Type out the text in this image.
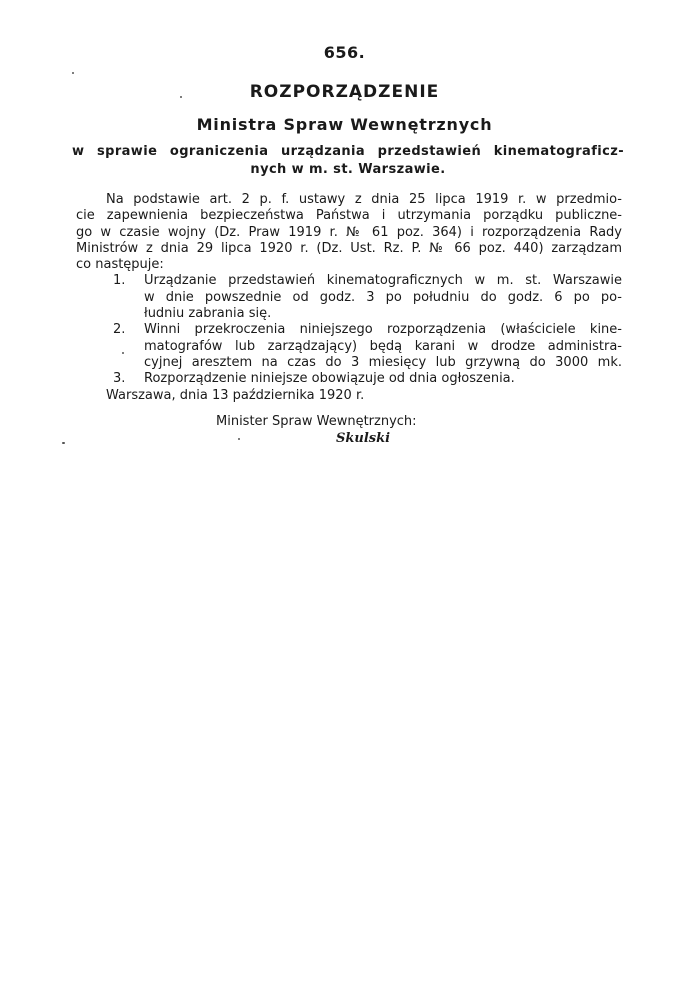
656.
ROZPORZĄDZENIE
Ministra Spraw Wewnętrznych
w sprawie ograniczenia urządzania przedstawień kinematograficz-
nych w m. st. Warszawie.
Na podstawie art. 2 p. f. ustawy z dnia 25 lipca 1919 r. w przedmio-
cie zapewnienia bezpieczeństwa Państwa i utrzymania porządku publiczne-
go w czasie wojny (Dz. Praw 1919 r. № 61 poz. 364) i rozporządzenia Rady
Ministrów z dnia 29 lipca 1920 r. (Dz. Ust. Rz. P. № 66 poz. 440) zarządzam
co następuje:
1. Urządzanie przedstawień kinematograficznych w m. st. Warszawie
w dnie powszednie od godz. 3 po południu do godz. 6 po po-
łudniu zabrania się.
2. Winni przekroczenia niniejszego rozporządzenia (właściciele kine-
matografów lub zarządzający) będą karani w drodze administra-
cyjnej aresztem na czas do 3 miesięcy lub grzywną do 3000 mk.
3. Rozporządzenie niniejsze obowiązuje od dnia ogłoszenia.
Warszawa, dnia 13 października 1920 r.
Minister Spraw Wewnętrznych:
Skulski
